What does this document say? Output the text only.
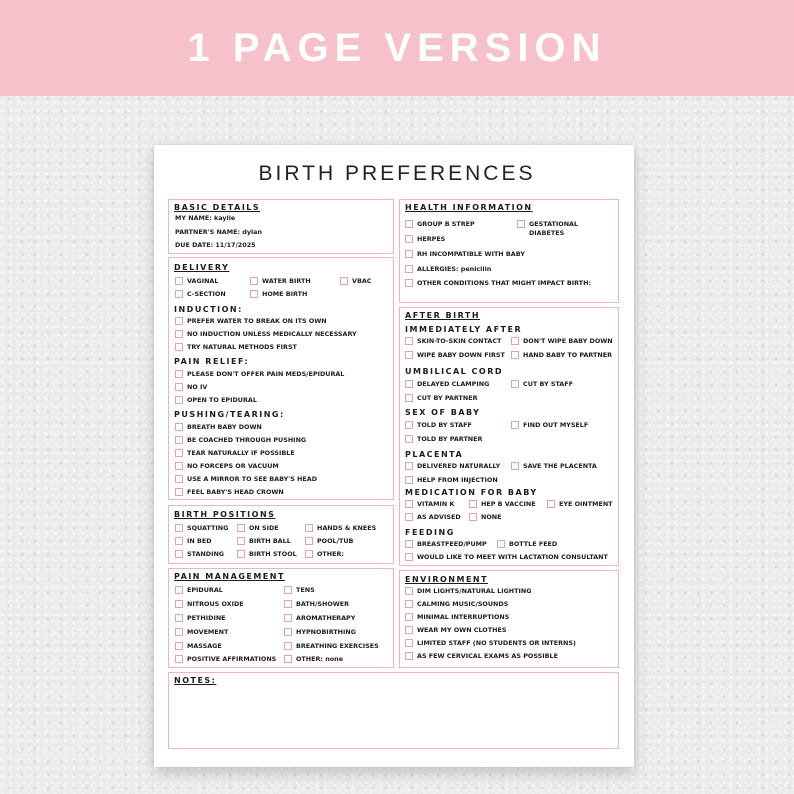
1 PAGE VERSION
BIRTH PREFERENCES
BASIC DETAILS
MY NAME: kaylie
PARTNER'S NAME: dylan
DUE DATE: 11/17/2025
DELIVERY
VAGINAL	WATER BIRTH	VBAC
C-SECTION	HOME BIRTH
INDUCTION:
PREFER WATER TO BREAK ON ITS OWN
NO INDUCTION UNLESS MEDICALLY NECESSARY
TRY NATURAL METHODS FIRST
PAIN RELIEF:
PLEASE DON'T OFFER PAIN MEDS/EPIDURAL
NO IV
OPEN TO EPIDURAL
PUSHING/TEARING:
BREATH BABY DOWN
BE COACHED THROUGH PUSHING
TEAR NATURALLY IF POSSIBLE
NO FORCEPS OR VACUUM
USE A MIRROR TO SEE BABY'S HEAD
FEEL BABY'S HEAD CROWN
BIRTH POSITIONS
SQUATTING	ON SIDE	HANDS & KNEES
IN BED	BIRTH BALL	POOL/TUB
STANDING	BIRTH STOOL	OTHER:
PAIN MANAGEMENT
EPIDURAL	TENS
NITROUS OXIDE	BATH/SHOWER
PETHIDINE	AROMATHERAPY
MOVEMENT	HYPNOBIRTHING
MASSAGE	BREATHING EXERCISES
POSITIVE AFFIRMATIONS	OTHER: none
HEALTH INFORMATION
GROUP B STREP	GESTATIONAL
DIABETES
HERPES
RH INCOMPATIBLE WITH BABY
ALLERGIES: penicilin
OTHER CONDITIONS THAT MIGHT IMPACT BIRTH:
AFTER BIRTH
IMMEDIATELY AFTER
SKIN-TO-SKIN CONTACT	DON'T WIPE BABY DOWN
WIPE BABY DOWN FIRST	HAND BABY TO PARTNER
UMBILICAL CORD
DELAYED CLAMPING	CUT BY STAFF
CUT BY PARTNER
SEX OF BABY
TOLD BY STAFF	FIND OUT MYSELF
TOLD BY PARTNER
PLACENTA
DELIVERED NATURALLY	SAVE THE PLACENTA
HELP FROM INJECTION
MEDICATION FOR BABY
VITAMIN K	HEP B VACCINE	EYE OINTMENT
AS ADVISED	NONE
FEEDING
BREASTFEED/PUMP	BOTTLE FEED
WOULD LIKE TO MEET WITH LACTATION CONSULTANT
ENVIRONMENT
DIM LIGHTS/NATURAL LIGHTING
CALMING MUSIC/SOUNDS
MINIMAL INTERRUPTIONS
WEAR MY OWN CLOTHES
LIMITED STAFF (NO STUDENTS OR INTERNS)
AS FEW CERVICAL EXAMS AS POSSIBLE
NOTES:
